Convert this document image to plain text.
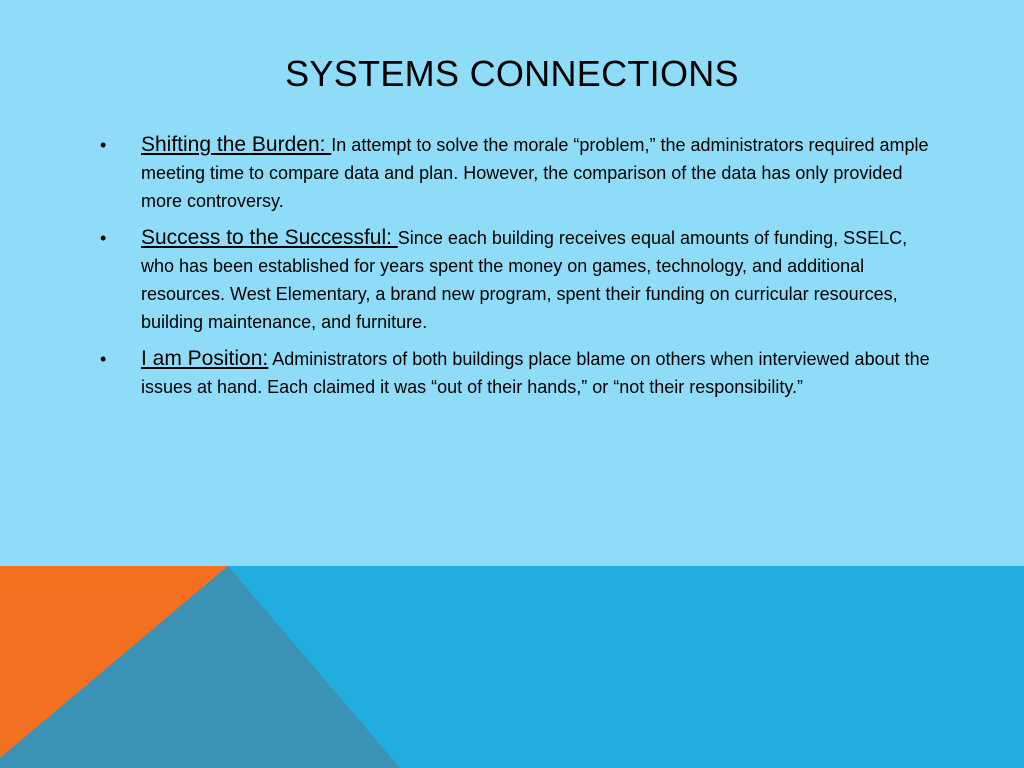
SYSTEMS CONNECTIONS
• Shifting the Burden: In attempt to solve the morale “problem,” the administrators required ample meeting time to compare data and plan. However, the comparison of the data has only provided more controversy.
• Success to the Successful: Since each building receives equal amounts of funding, SSELC, who has been established for years spent the money on games, technology, and additional resources. West Elementary, a brand new program, spent their funding on curricular resources, building maintenance, and furniture.
• I am Position: Administrators of both buildings place blame on others when interviewed about the issues at hand. Each claimed it was “out of their hands,” or “not their responsibility.”
